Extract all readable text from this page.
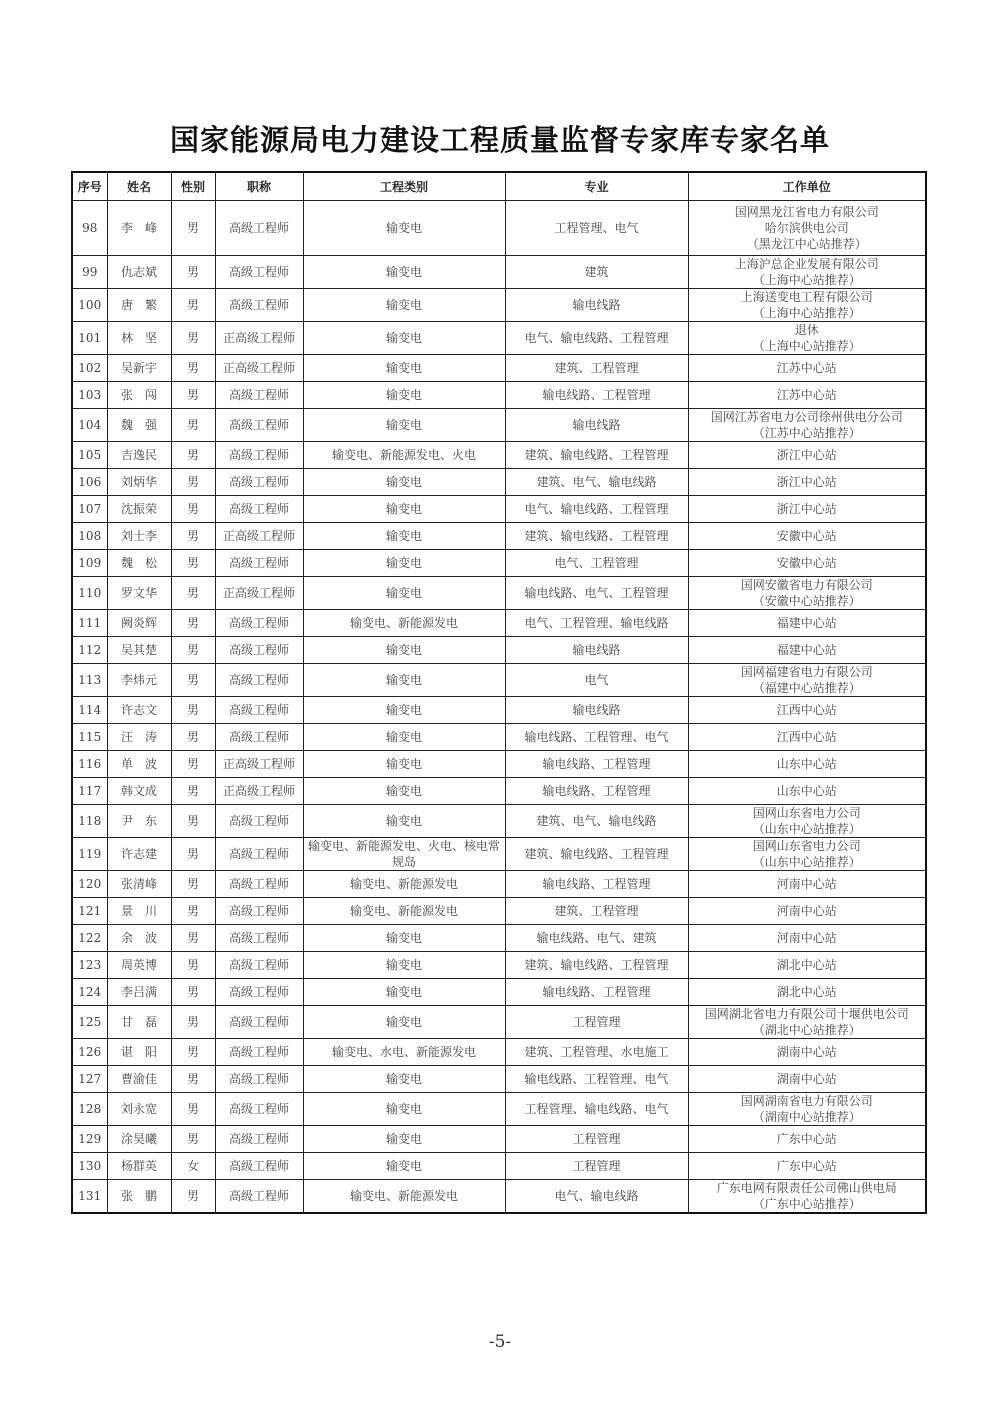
国家能源局电力建设工程质量监督专家库专家名单
序号	姓名	性别	职称	工程类别	专业	工作单位
98	李　峰	男	高级工程师	输变电	工程管理、电气	国网黑龙江省电力有限公司
哈尔滨供电公司
（黑龙江中心站推荐）

99	仇志斌	男	高级工程师	输变电	建筑	上海沪总企业发展有限公司
（上海中心站推荐）

100	唐　繁	男	高级工程师	输变电	输电线路	上海送变电工程有限公司
（上海中心站推荐）

101	林　坚	男	正高级工程师	输变电	电气、输电线路、工程管理	退休
（上海中心站推荐）

102	吴新宇	男	正高级工程师	输变电	建筑、工程管理	江苏中心站

103	张　闯	男	高级工程师	输变电	输电线路、工程管理	江苏中心站

104	魏　强	男	高级工程师	输变电	输电线路	国网江苏省电力公司徐州供电分公司
（江苏中心站推荐）

105	吉逸民	男	高级工程师	输变电、新能源发电、火电	建筑、输电线路、工程管理	浙江中心站

106	刘炳华	男	高级工程师	输变电	建筑、电气、输电线路	浙江中心站

107	沈振荣	男	高级工程师	输变电	电气、输电线路、工程管理	浙江中心站

108	刘士李	男	正高级工程师	输变电	建筑、输电线路、工程管理	安徽中心站

109	魏　松	男	高级工程师	输变电	电气、工程管理	安徽中心站

110	罗文华	男	正高级工程师	输变电	输电线路、电气、工程管理	国网安徽省电力有限公司
（安徽中心站推荐）

111	阙炎辉	男	高级工程师	输变电、新能源发电	电气、工程管理、输电线路	福建中心站

112	吴其楚	男	高级工程师	输变电	输电线路	福建中心站

113	李炜元	男	高级工程师	输变电	电气	国网福建省电力有限公司
（福建中心站推荐）

114	许志文	男	高级工程师	输变电	输电线路	江西中心站

115	汪　涛	男	高级工程师	输变电	输电线路、工程管理、电气	江西中心站

116	单　波	男	正高级工程师	输变电	输电线路、工程管理	山东中心站

117	韩文成	男	正高级工程师	输变电	输电线路、工程管理	山东中心站

118	尹　东	男	高级工程师	输变电	建筑、电气、输电线路	国网山东省电力公司
（山东中心站推荐）

119	许志建	男	高级工程师	输变电、新能源发电、火电、核电常规岛	建筑、输电线路、工程管理	国网山东省电力公司
（山东中心站推荐）

120	张清峰	男	高级工程师	输变电、新能源发电	输电线路、工程管理	河南中心站

121	景　川	男	高级工程师	输变电、新能源发电	建筑、工程管理	河南中心站

122	余　波	男	高级工程师	输变电	输电线路、电气、建筑	河南中心站

123	周英博	男	高级工程师	输变电	建筑、输电线路、工程管理	湖北中心站

124	李吕满	男	高级工程师	输变电	输电线路、工程管理	湖北中心站

125	甘　磊	男	高级工程师	输变电	工程管理	国网湖北省电力有限公司十堰供电公司
（湖北中心站推荐）

126	谌　阳	男	高级工程师	输变电、水电、新能源发电	建筑、工程管理、水电施工	湖南中心站

127	曹渝佳	男	高级工程师	输变电	输电线路、工程管理、电气	湖南中心站

128	刘永宽	男	高级工程师	输变电	工程管理、输电线路、电气	国网湖南省电力有限公司
（湖南中心站推荐）

129	涂昊曦	男	高级工程师	输变电	工程管理	广东中心站

130	杨群英	女	高级工程师	输变电	工程管理	广东中心站

131	张　鹏	男	高级工程师	输变电、新能源发电	电气、输电线路	广东电网有限责任公司佛山供电局
（广东中心站推荐）
-5-
